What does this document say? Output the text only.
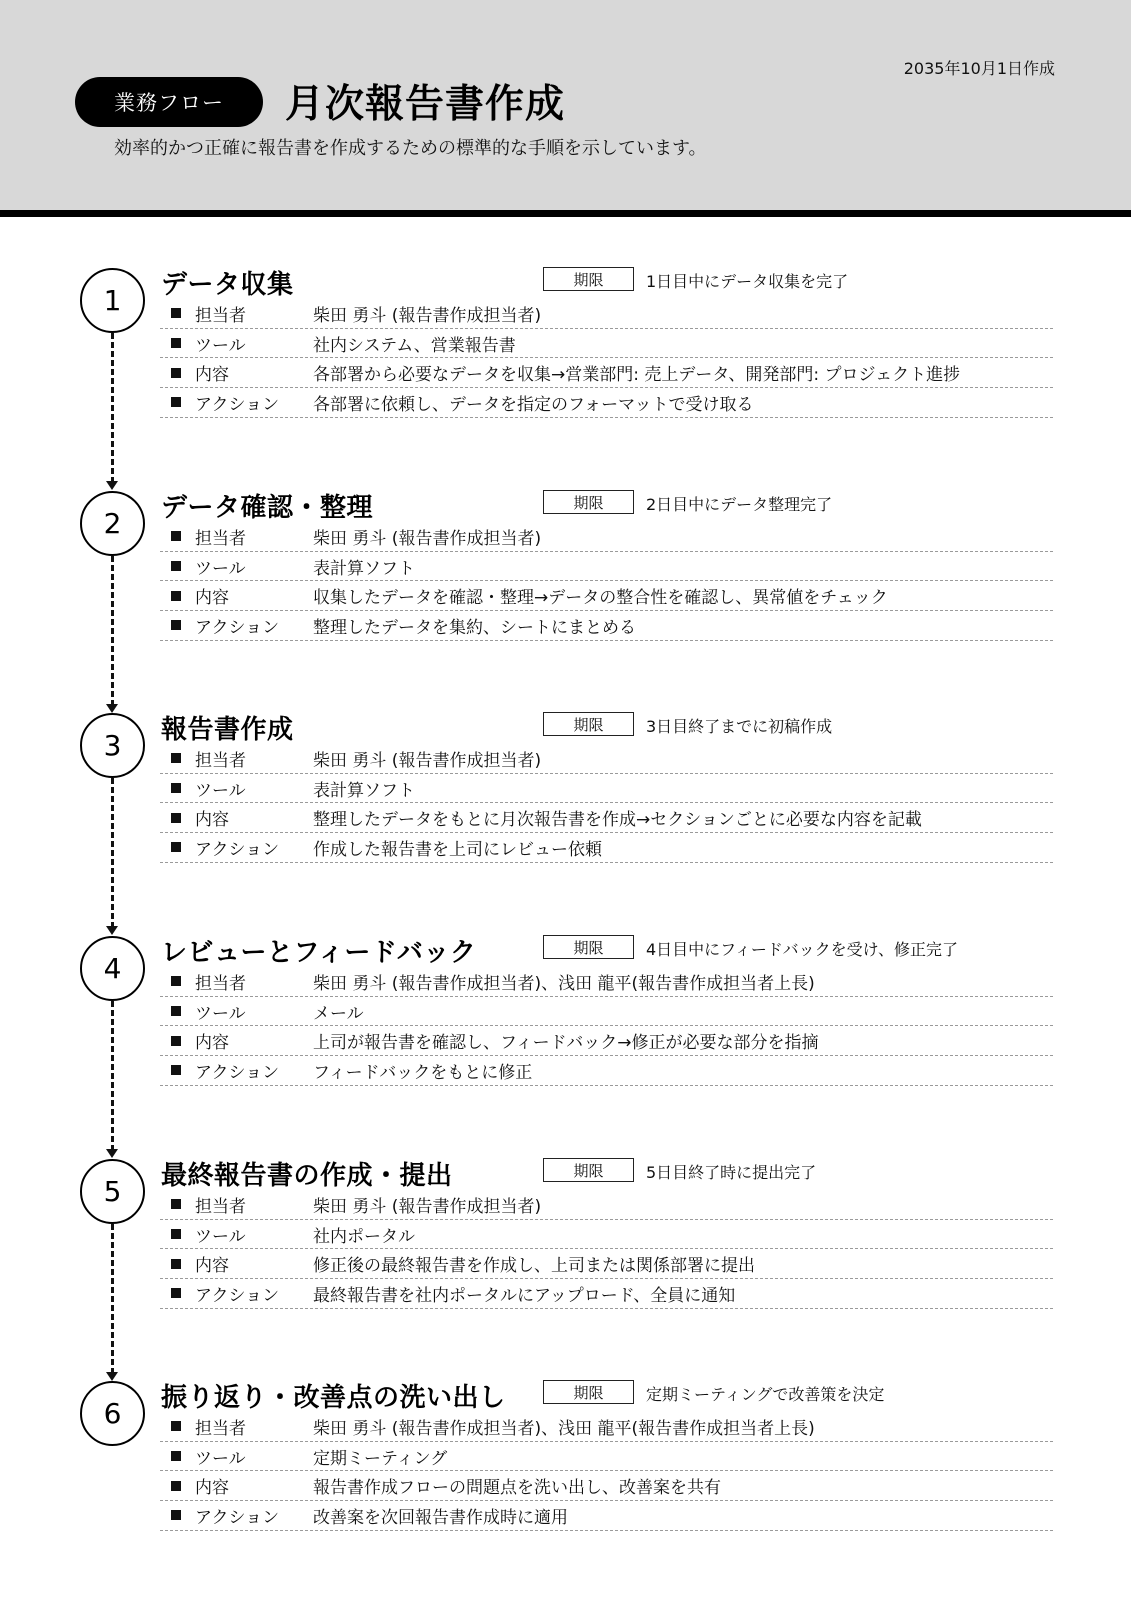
2035年10月1日作成
業務フロー	月次報告書作成
効率的かつ正確に報告書を作成するための標準的な手順を示しています。
1
2
3
4
5
6
データ収集	期限	1日目中にデータ収集を完了
担当者	柴田 勇斗 (報告書作成担当者)
ツール	社内システム、営業報告書
内容	各部署から必要なデータを収集→営業部門: 売上データ、開発部門: プロジェクト進捗
アクション	各部署に依頼し、データを指定のフォーマットで受け取る
データ確認・整理	期限	2日目中にデータ整理完了
担当者	柴田 勇斗 (報告書作成担当者)
ツール	表計算ソフト
内容	収集したデータを確認・整理→データの整合性を確認し、異常値をチェック
アクション	整理したデータを集約、シートにまとめる
報告書作成	期限	3日目終了までに初稿作成
担当者	柴田 勇斗 (報告書作成担当者)
ツール	表計算ソフト
内容	整理したデータをもとに月次報告書を作成→セクションごとに必要な内容を記載
アクション	作成した報告書を上司にレビュー依頼
レビューとフィードバック	期限	4日目中にフィードバックを受け、修正完了
担当者	柴田 勇斗 (報告書作成担当者)、浅田 龍平(報告書作成担当者上長)
ツール	メール
内容	上司が報告書を確認し、フィードバック→修正が必要な部分を指摘
アクション	フィードバックをもとに修正
最終報告書の作成・提出	期限	5日目終了時に提出完了
担当者	柴田 勇斗 (報告書作成担当者)
ツール	社内ポータル
内容	修正後の最終報告書を作成し、上司または関係部署に提出
アクション	最終報告書を社内ポータルにアップロード、全員に通知
振り返り・改善点の洗い出し	期限	定期ミーティングで改善策を決定
担当者	柴田 勇斗 (報告書作成担当者)、浅田 龍平(報告書作成担当者上長)
ツール	定期ミーティング
内容	報告書作成フローの問題点を洗い出し、改善案を共有
アクション	改善案を次回報告書作成時に適用
